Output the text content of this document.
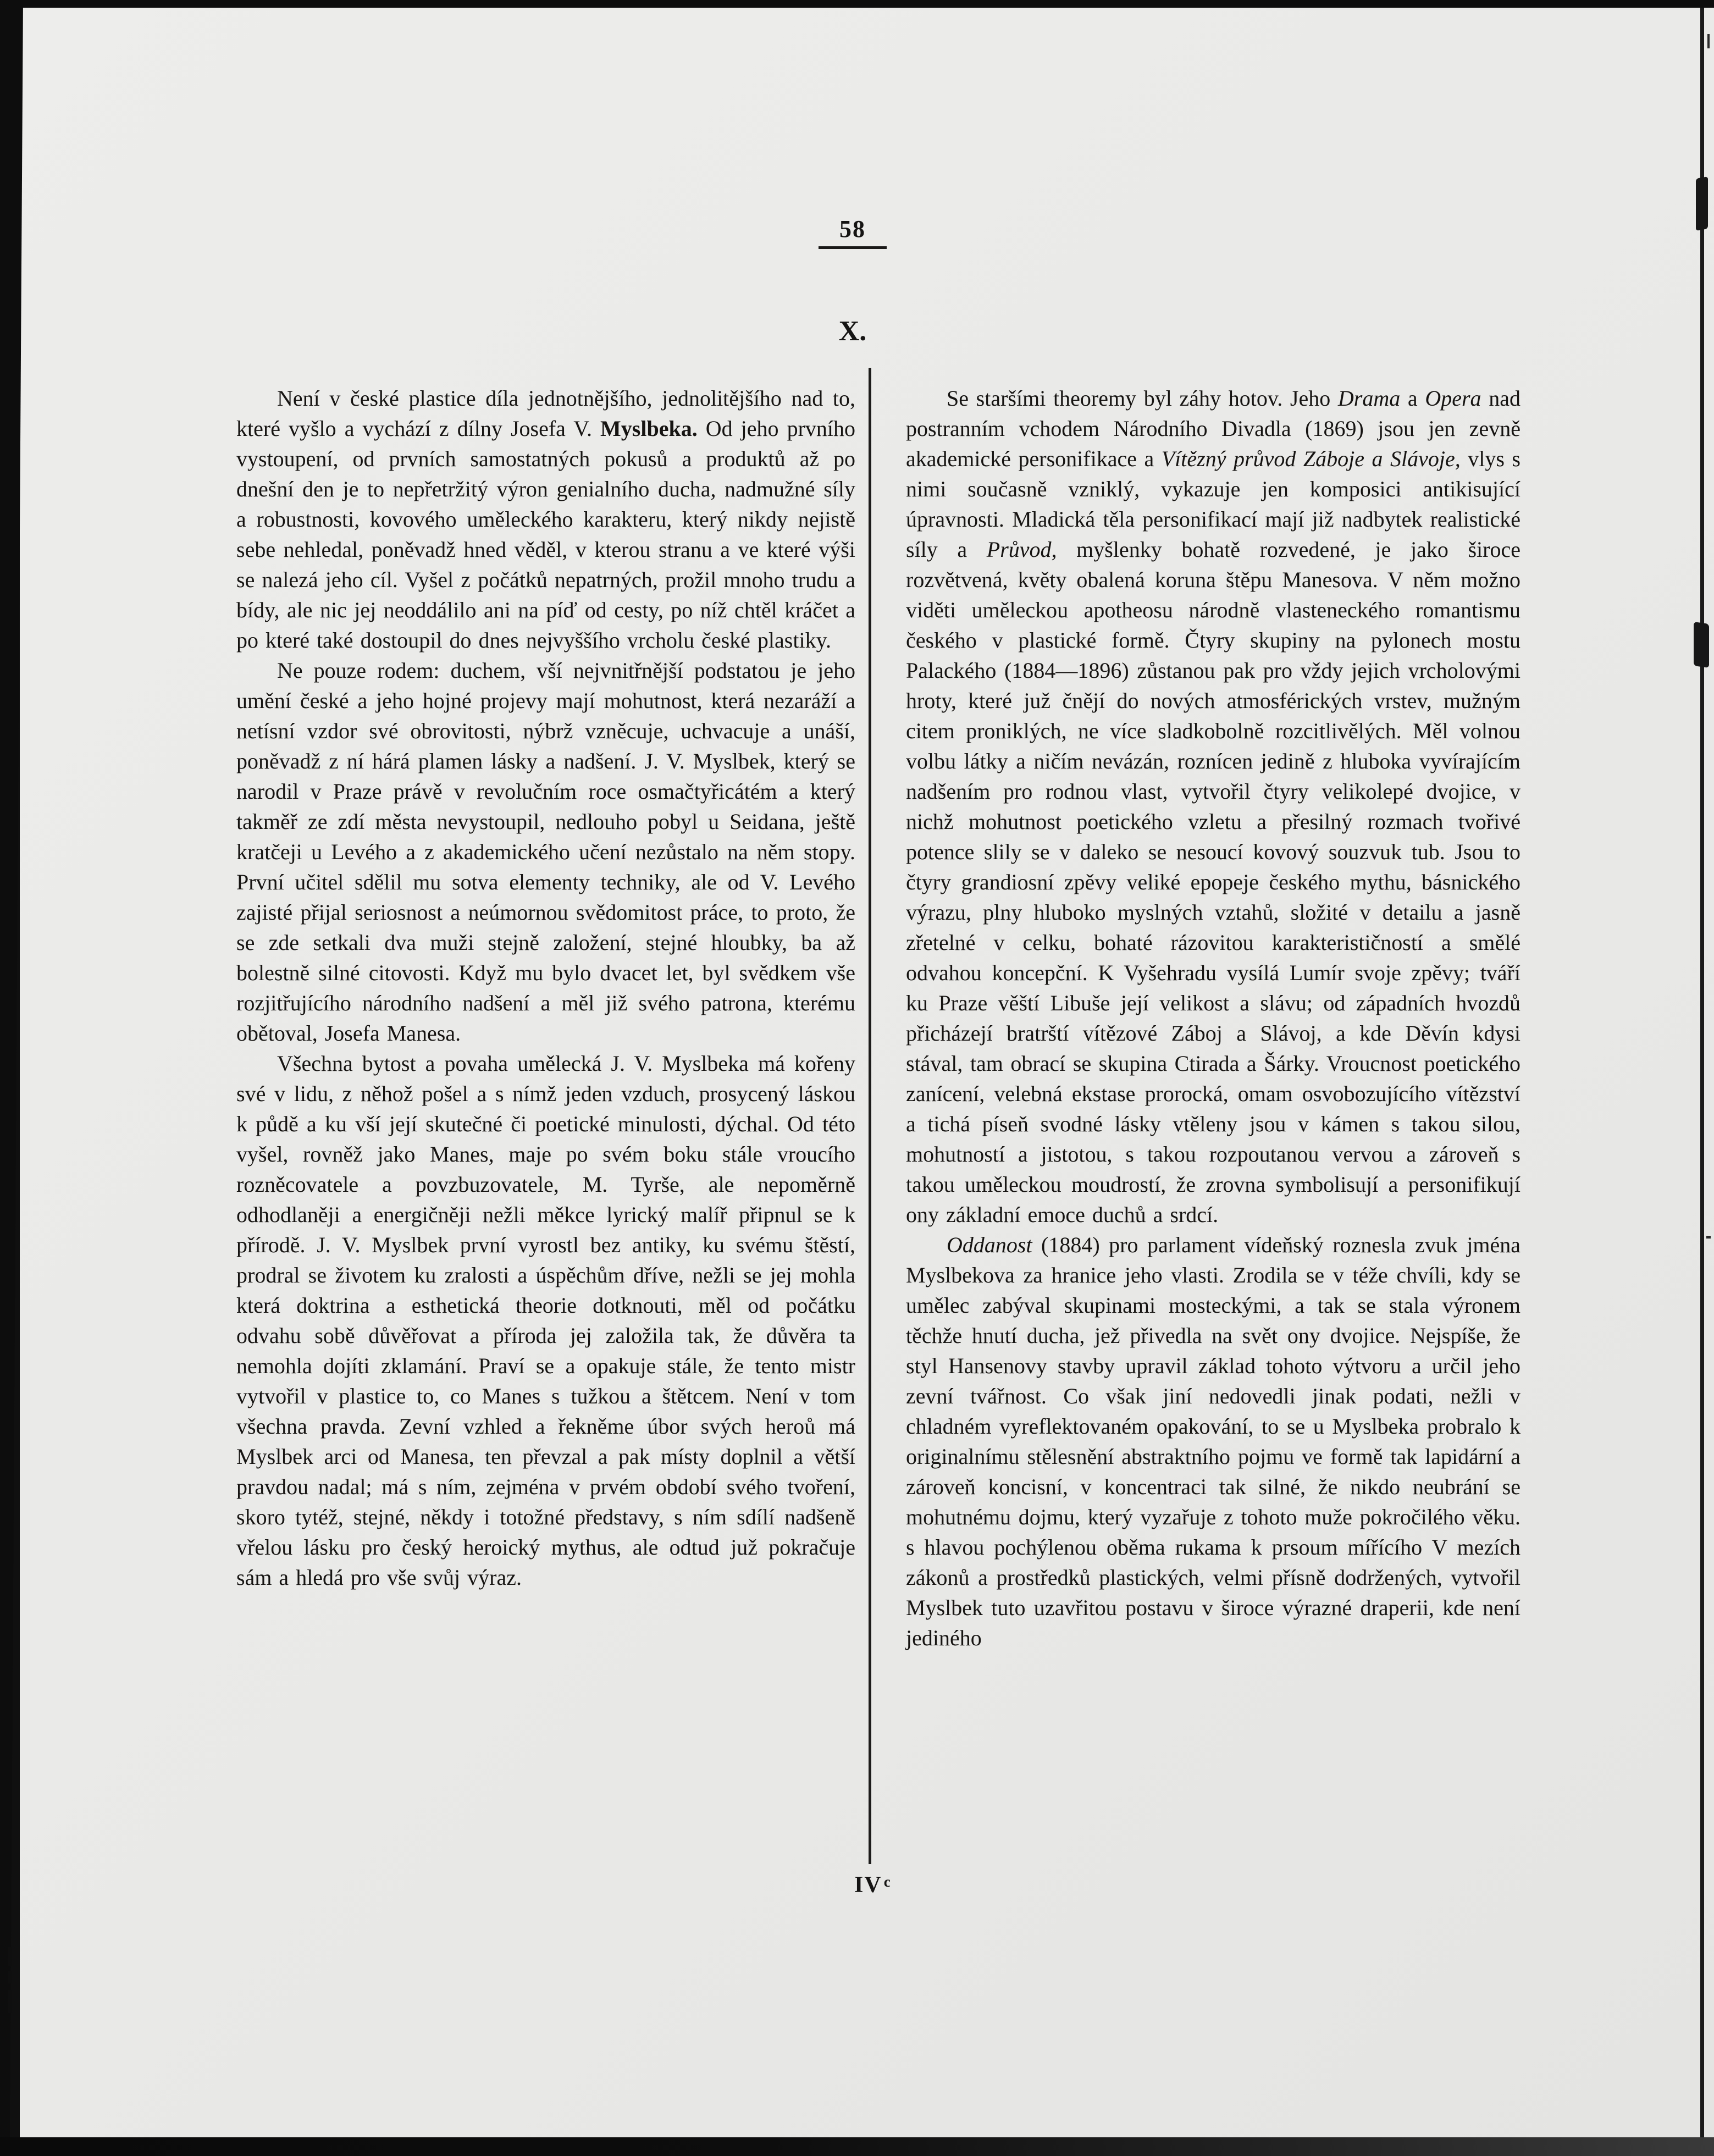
58
X.

Není v české plastice díla jednotnějšího, jednolitějšího nad to, které vyšlo a vychází z dílny Josefa V. Myslbeka. Od jeho prvního vystoupení, od prvních samostatných pokusů a produktů až po dnešní den je to nepřetržitý výron genialního ducha, nadmužné síly a robustnosti, kovového uměleckého karakteru, který nikdy nejistě sebe nehledal, poněvadž hned věděl, v kterou stranu a ve které výši se nalezá jeho cíl. Vyšel z počátků nepatrných, prožil mnoho trudu a bídy, ale nic jej neoddálilo ani na píď od cesty, po níž chtěl kráčet a po které také dostoupil do dnes nejvyššího vrcholu české plastiky.

Ne pouze rodem: duchem, vší nejvnitřnější podstatou je jeho umění české a jeho hojné projevy mají mohutnost, která nezaráží a netísní vzdor své obrovitosti, nýbrž vzněcuje, uchvacuje a unáší, poněvadž z ní hárá plamen lásky a nadšení. J. V. Myslbek, který se narodil v Praze právě v revolučním roce osmačtyřicátém a který takměř ze zdí města nevystoupil, nedlouho pobyl u Seidana, ještě kratčeji u Levého a z akademického učení nezůstalo na něm stopy. První učitel sdělil mu sotva elementy techniky, ale od V. Levého zajisté přijal seriosnost a neúmornou svědomitost práce, to proto, že se zde setkali dva muži stejně založení, stejné hloubky, ba až bolestně silné citovosti. Když mu bylo dvacet let, byl svědkem vše rozjitřujícího národního nadšení a měl již svého patrona, kterému obětoval, Josefa Manesa.

Všechna bytost a povaha umělecká J. V. Myslbeka má kořeny své v lidu, z něhož pošel a s nímž jeden vzduch, prosycený láskou k půdě a ku vší její skutečné či poetické minulosti, dýchal. Od této vyšel, rovněž jako Manes, maje po svém boku stále vroucího rozněcovatele a povzbuzovatele, M. Tyrše, ale nepoměrně odhodlaněji a energičněji nežli měkce lyrický malíř připnul se k přírodě. J. V. Myslbek první vyrostl bez antiky, ku svému štěstí, prodral se životem ku zralosti a úspěchům dříve, nežli se jej mohla která doktrina a esthetická theorie dotknouti, měl od počátku odvahu sobě důvěřovat a příroda jej založila tak, že důvěra ta nemohla dojíti zklamání. Praví se a opakuje stále, že tento mistr vytvořil v plastice to, co Manes s tužkou a štětcem. Není v tom všechna pravda. Zevní vzhled a řekněme úbor svých heroů má Myslbek arci od Manesa, ten převzal a pak místy doplnil a větší pravdou nadal; má s ním, zejména v prvém období svého tvoření, skoro tytéž, stejné, někdy i totožné představy, s ním sdílí nadšeně vřelou lásku pro český heroický mythus, ale odtud juž pokračuje sám a hledá pro vše svůj výraz.

Se staršími theoremy byl záhy hotov. Jeho Drama a Opera nad postranním vchodem Národního Divadla (1869) jsou jen zevně akademické personifikace a Vítězný průvod Záboje a Slávoje, vlys s nimi současně vzniklý, vykazuje jen komposici antikisující úpravnosti. Mladická těla personifikací mají již nadbytek realistické síly a Průvod, myšlenky bohatě rozvedené, je jako široce rozvětvená, květy obalená koruna štěpu Manesova. V něm možno viděti uměleckou apotheosu národně vlasteneckého romantismu českého v plastické formě. Čtyry skupiny na pylonech mostu Palackého (1884—1896) zůstanou pak pro vždy jejich vrcholovými hroty, které juž čnějí do nových atmosférických vrstev, mužným citem proniklých, ne více sladkobolně rozcitlivělých. Měl volnou volbu látky a ničím nevázán, roznícen jedině z hluboka vyvírajícím nadšením pro rodnou vlast, vytvořil čtyry velikolepé dvojice, v nichž mohutnost poetického vzletu a přesilný rozmach tvořivé potence slily se v daleko se nesoucí kovový souzvuk tub. Jsou to čtyry grandiosní zpěvy veliké epopeje českého mythu, básnického výrazu, plny hluboko myslných vztahů, složité v detailu a jasně zřetelné v celku, bohaté rázovitou karakterističností a smělé odvahou koncepční. K Vyšehradu vysílá Lumír svoje zpěvy; tváří ku Praze věští Libuše její velikost a slávu; od západních hvozdů přicházejí bratrští vítězové Záboj a Slávoj, a kde Děvín kdysi stával, tam obrací se skupina Ctirada a Šárky. Vroucnost poetického zanícení, velebná ekstase prorocká, omam osvobozujícího vítězství a tichá píseň svodné lásky vtěleny jsou v kámen s takou silou, mohutností a jistotou, s takou rozpoutanou vervou a zároveň s takou uměleckou moudrostí, že zrovna symbolisují a personifikují ony základní emoce duchů a srdcí.

Oddanost (1884) pro parlament vídeňský roznesla zvuk jména Myslbekova za hranice jeho vlasti. Zrodila se v téže chvíli, kdy se umělec zabýval skupinami mosteckými, a tak se stala výronem těchže hnutí ducha, jež přivedla na svět ony dvojice. Nejspíše, že styl Hansenovy stavby upravil základ tohoto výtvoru a určil jeho zevní tvářnost. Co však jiní nedovedli jinak podati, nežli v chladném vyreflektovaném opakování, to se u Myslbeka probralo k originalnímu stělesnění abstraktního pojmu ve formě tak lapidární a zároveň koncisní, v koncentraci tak silné, že nikdo neubrání se mohutnému dojmu, který vyzařuje z tohoto muže pokročilého věku. s hlavou pochýlenou oběma rukama k prsoum mířícího V mezích zákonů a prostředků plastických, velmi přísně dodržených, vytvořil Myslbek tuto uzavřitou postavu v široce výrazné draperii, kde není jediného

IV $^c$
